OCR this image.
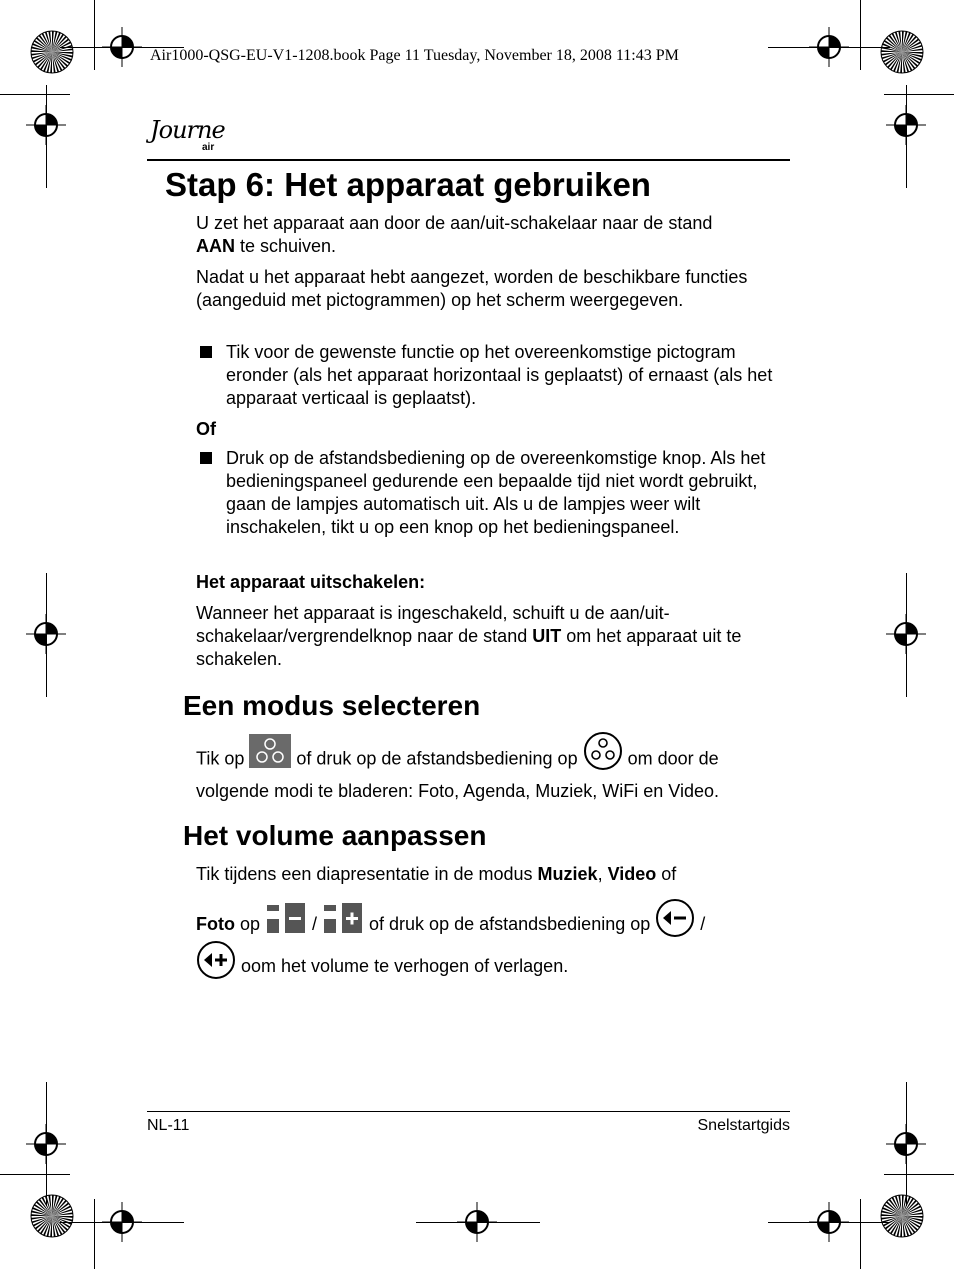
Air1000-QSG-EU-V1-1208.book Page 11 Tuesday, November 18, 2008 11:43 PM
Journe
air
Stap 6: Het apparaat gebruiken
U zet het apparaat aan door de aan/uit-schakelaar naar de stand
AAN te schuiven.
Nadat u het apparaat hebt aangezet, worden de beschikbare functies (aangeduid met pictogrammen) op het scherm weergegeven.
Tik voor de gewenste functie op het overeenkomstige pictogram eronder (als het apparaat horizontaal is geplaatst) of ernaast (als het apparaat verticaal is geplaatst).
Of
Druk op de afstandsbediening op de overeenkomstige knop. Als het bedieningspaneel gedurende een bepaalde tijd niet wordt gebruikt, gaan de lampjes automatisch uit. Als u de lampjes weer wilt inschakelen, tikt u op een knop op het bedieningspaneel.
Het apparaat uitschakelen:
Wanneer het apparaat is ingeschakeld, schuift u de aan/uit-schakelaar/vergrendelknop naar de stand UIT om het apparaat uit te schakelen.
Een modus selecteren
Tik op  of druk op de afstandsbediening op  om door de volgende modi te bladeren: Foto, Agenda, Muziek, WiFi en Video.
Het volume aanpassen
Tik tijdens een diapresentatie in de modus Muziek, Video of
Foto op  /  of druk op de afstandsbediening op  /
oom het volume te verhogen of verlagen.
NL-11	Snelstartgids
